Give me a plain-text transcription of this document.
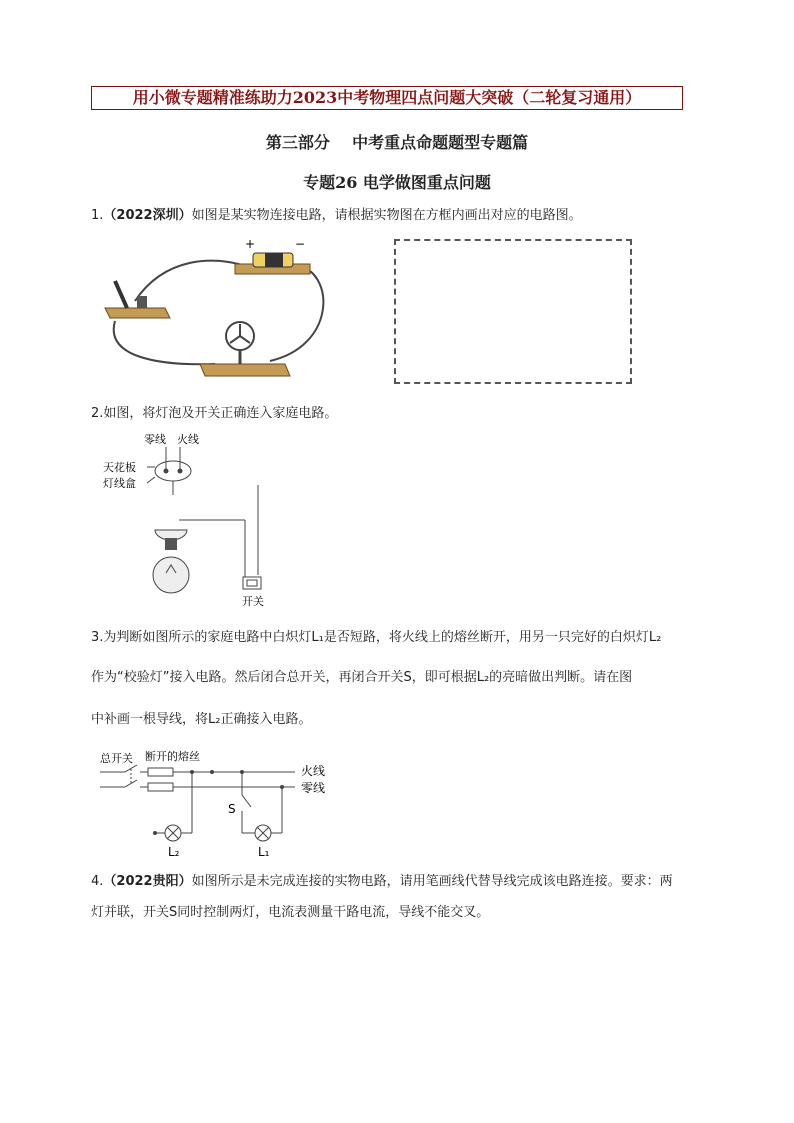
用小微专题精准练助力2023中考物理四点问题大突破（二轮复习通用）
第三部分    中考重点命题题型专题篇
专题26 电学做图重点问题
1.（2022深圳）如图是某实物连接电路，请根据实物图在方框内画出对应的电路图。
+	−
2.如图，将灯泡及开关正确连入家庭电路。
零线 火线
天花板
灯线盒
开关
3.为判断如图所示的家庭电路中白炽灯L₁是否短路，将火线上的熔丝断开，用另一只完好的白炽灯L₂
作为“校验灯”接入电路。然后闭合总开关，再闭合开关S，即可根据L₂的亮暗做出判断。请在图
中补画一根导线，将L₂正确接入电路。
总开关 断开的熔丝
火线
零线
L₂
S
L₁
4.（2022贵阳）如图所示是未完成连接的实物电路，请用笔画线代替导线完成该电路连接。要求：两
灯并联，开关S同时控制两灯，电流表测量干路电流，导线不能交叉。
